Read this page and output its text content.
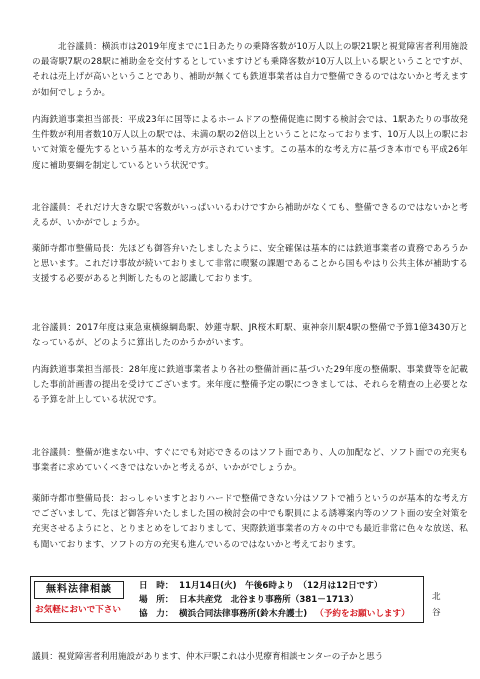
北谷議員：横浜市は2019年度までに1日あたりの乗降客数が10万人以上の駅21駅と視覚障害者利用施設の最寄駅7駅の28駅に補助金を交付するとしていますけども乗降客数が10万人以上いる駅ということですが、それは売上げが高いということであり、補助が無くても鉄道事業者は自力で整備できるのではないかと考えますが如何でしょうか。

内海鉄道事業担当部長：平成23年に国等によるホームドアの整備促進に関する検討会では、1駅あたりの事故発生件数が利用者数10万人以上の駅では、未満の駅の2倍以上ということになっております、10万人以上の駅において対策を優先するという基本的な考え方が示されています。この基本的な考え方に基づき本市でも平成26年度に補助要綱を制定しているという状況です。

北谷議員：それだけ大きな駅で客数がいっぱいいるわけですから補助がなくても、整備できるのではないかと考えるが、いかがでしょうか。

薬師寺都市整備局長：先ほども御答弁いたしましたように、安全確保は基本的には鉄道事業者の責務であろうかと思います。これだけ事故が続いておりまして非常に喫緊の課題であることから国もやはり公共主体が補助する支援する必要があると判断したものと認識しております。

北谷議員：2017年度は東急東横線綱島駅、妙蓮寺駅、JR桜木町駅、東神奈川駅4駅の整備で予算1億3430万となっているが、どのように算出したのかうかがいます。

内海鉄道事業担当部長：28年度に鉄道事業者より各社の整備計画に基づいた29年度の整備駅、事業費等を記載した事前計画書の提出を受けてございます。来年度に整備予定の駅につきましては、それらを精査の上必要となる予算を計上している状況です。

北谷議員：整備が進まない中、すぐにでも対応できるのはソフト面であり、人の加配など、ソフト面での充実も事業者に求めていくべきではないかと考えるが、いかがでしょうか。

薬師寺都市整備局長：おっしゃいますとおりハードで整備できない分はソフトで補うというのが基本的な考え方でございまして、先ほど御答弁いたしました国の検討会の中でも駅員による誘導案内等のソフト面の安全対策を充実させるようにと、とりまとめをしておりまして、実際鉄道事業者の方々の中でも最近非常に色々な放送、私も聞いております、ソフトの方の充実も進んでいるのではないかと考えております。

無料法律相談
お気軽においで下さい
日　時： 11月14日(火)　午後6時より　（12月は12日です）
場　所： 日本共産党　北谷まり事務所（381－1713）
協　力： 横浜合同法律事務所(鈴木弁護士) （予約をお願いします）
北
谷
議員：視覚障害者利用施設があります、仲木戸駅これは小児療育相談センターの子かと思う
